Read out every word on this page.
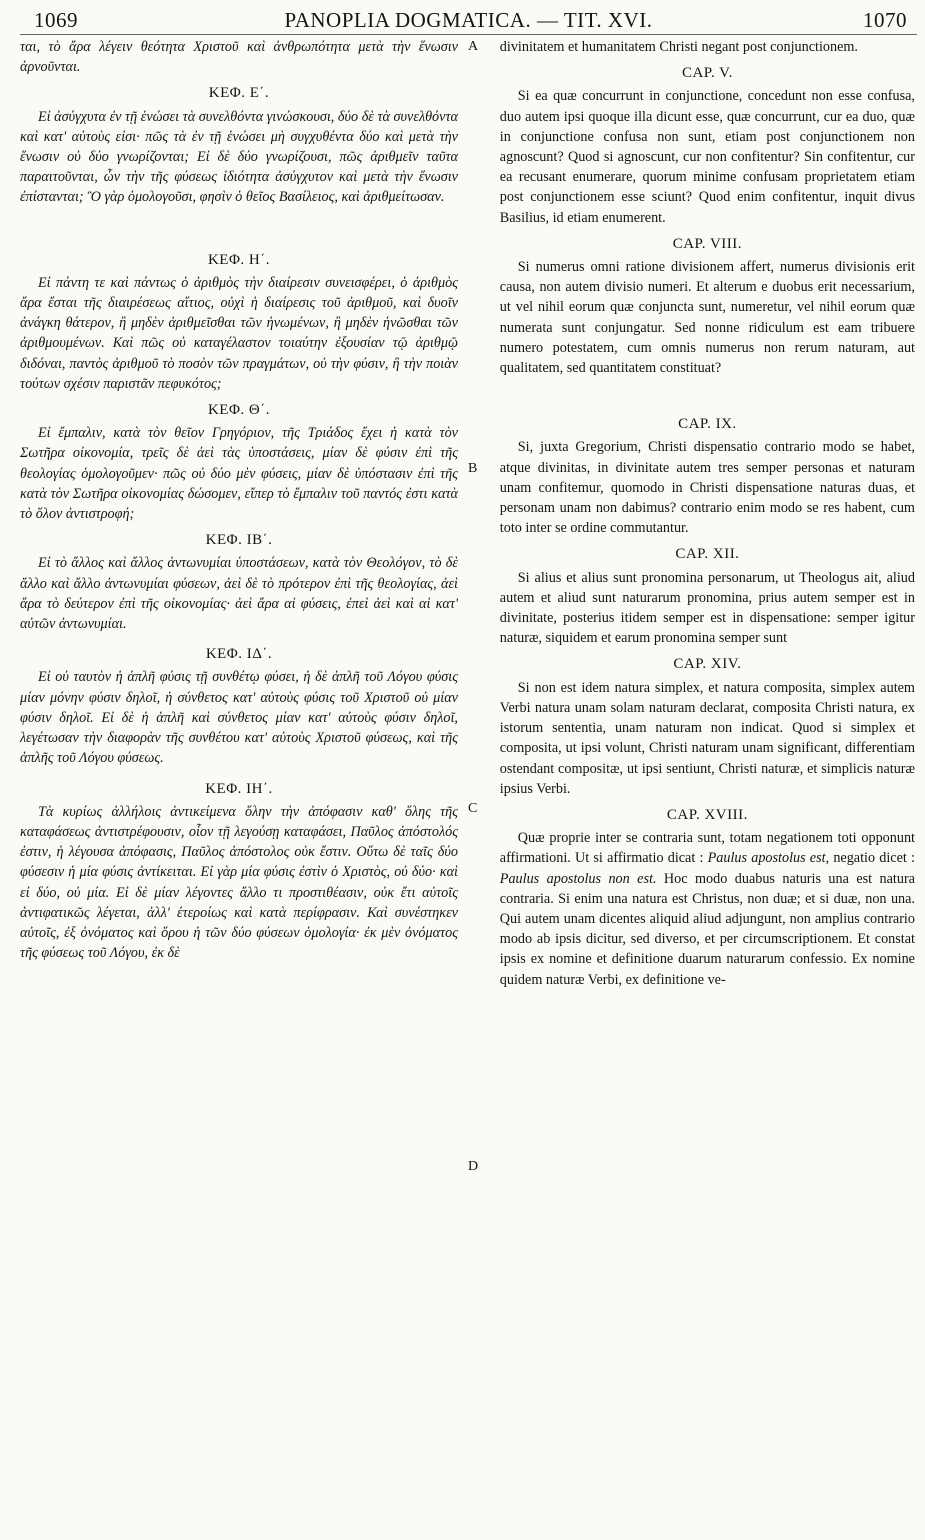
1069	PANOPLIA DOGMATICA. — TIT. XVI.	1070

ται, τὸ ἄρα λέγειν θεότητα Χριστοῦ καὶ ἀνθρωπότητα μετὰ τὴν ἕνωσιν ἀρνοῦνται.

ΚΕΦ. Ε΄.

Εἰ ἀσύγχυτα ἐν τῇ ἑνώσει τὰ συνελθόντα γινώσκουσι, δύο δὲ τὰ συνελθόντα καὶ κατ' αὐτοὺς εἰσι· πῶς τὰ ἐν τῇ ἑνώσει μὴ συγχυθέντα δύο καὶ μετὰ τὴν ἕνωσιν οὐ δύο γνωρίζονται; Εἰ δὲ δύο γνωρίζουσι, πῶς ἀριθμεῖν ταῦτα παραιτοῦνται, ὧν τὴν τῆς φύσεως ἰδιότητα ἀσύγχυτον καὶ μετὰ τὴν ἕνωσιν ἐπίστανται; Ὃ γὰρ ὁμολογοῦσι, φησὶν ὁ θεῖος Βασίλειος, καὶ ἀριθμείτωσαν.

ΚΕΦ. Η΄.

Εἰ πάντη τε καὶ πάντως ὁ ἀριθμὸς τὴν διαίρεσιν συνεισφέρει, ὁ ἀριθμὸς ἄρα ἔσται τῆς διαιρέσεως αἴτιος, οὐχὶ ἡ διαίρεσις τοῦ ἀριθμοῦ, καὶ δυοῖν ἀνάγκη θάτερον, ἢ μηδὲν ἀριθμεῖσθαι τῶν ἡνωμένων, ἢ μηδὲν ἡνῶσθαι τῶν ἀριθμουμένων. Καὶ πῶς οὐ καταγέλαστον τοιαύτην ἐξουσίαν τῷ ἀριθμῷ διδόναι, παντὸς ἀριθμοῦ τὸ ποσὸν τῶν πραγμάτων, οὐ τὴν φύσιν, ἢ τὴν ποιὰν τούτων σχέσιν παριστᾶν πεφυκότος;

ΚΕΦ. Θ΄.

Εἰ ἔμπαλιν, κατὰ τὸν θεῖον Γρηγόριον, τῆς Τριάδος ἔχει ἡ κατὰ τὸν Σωτῆρα οἰκονομία, τρεῖς δὲ ἀεὶ τὰς ὑποστάσεις, μίαν δὲ φύσιν ἐπὶ τῆς θεολογίας ὁμολογοῦμεν· πῶς οὐ δύο μὲν φύσεις, μίαν δὲ ὑπόστασιν ἐπὶ τῆς κατὰ τὸν Σωτῆρα οἰκονομίας δώσομεν, εἴπερ τὸ ἔμπαλιν τοῦ παντός ἐστι κατὰ τὸ ὅλον ἀντιστροφή;

ΚΕΦ. ΙΒ΄.

Εἰ τὸ ἄλλος καὶ ἄλλος ἀντωνυμίαι ὑποστάσεων, κατὰ τὸν Θεολόγον, τὸ δὲ ἄλλο καὶ ἄλλο ἀντωνυμίαι φύσεων, ἀεὶ δὲ τὸ πρότερον ἐπὶ τῆς θεολογίας, ἀεὶ ἄρα τὸ δεύτερον ἐπὶ τῆς οἰκονομίας· ἀεὶ ἄρα αἱ φύσεις, ἐπεὶ ἀεὶ καὶ αἱ κατ' αὐτῶν ἀντωνυμίαι.

ΚΕΦ. ΙΔ΄.

Εἰ οὐ ταυτὸν ἡ ἁπλῆ φύσις τῇ συνθέτῳ φύσει, ἡ δὲ ἁπλῆ τοῦ Λόγου φύσις μίαν μόνην φύσιν δηλοῖ, ἡ σύνθετος κατ' αὐτοὺς φύσις τοῦ Χριστοῦ οὐ μίαν φύσιν δηλοῖ. Εἰ δὲ ἡ ἁπλῆ καὶ σύνθετος μίαν κατ' αὐτοὺς φύσιν δηλοῖ, λεγέτωσαν τὴν διαφορὰν τῆς συνθέτου κατ' αὐτοὺς Χριστοῦ φύσεως, καὶ τῆς ἁπλῆς τοῦ Λόγου φύσεως.

ΚΕΦ. ΙΗ΄.

Τὰ κυρίως ἀλλήλοις ἀντικείμενα ὅλην τὴν ἀπόφασιν καθ' ὅλης τῆς καταφάσεως ἀντιστρέφουσιν, οἷον τῇ λεγούσῃ καταφάσει, Παῦλος ἀπόστολός ἐστιν, ἡ λέγουσα ἀπόφασις, Παῦλος ἀπόστολος οὐκ ἔστιν. Οὕτω δὲ ταῖς δύο φύσεσιν ἡ μία φύσις ἀντίκειται. Εἰ γὰρ μία φύσις ἐστὶν ὁ Χριστὸς, οὐ δύο· καὶ εἰ δύο, οὐ μία. Εἰ δὲ μίαν λέγοντες ἄλλο τι προστιθέασιν, οὐκ ἔτι αὐτοῖς ἀντιφατικῶς λέγεται, ἀλλ' ἑτεροίως καὶ κατὰ περίφρασιν. Καὶ συνέστηκεν αὐτοῖς, ἐξ ὀνόματος καὶ ὅρου ἡ τῶν δύο φύσεων ὁμολογία· ἐκ μὲν ὀνόματος τῆς φύσεως τοῦ Λόγου, ἐκ δὲ

A
B
C
D

divinitatem et humanitatem Christi negant post conjunctionem.

CAP. V.

Si ea quæ concurrunt in conjunctione, concedunt non esse confusa, duo autem ipsi quoque illa dicunt esse, quæ concurrunt, cur ea duo, quæ in conjunctione confusa non sunt, etiam post conjunctionem non agnoscunt? Quod si agnoscunt, cur non confitentur? Sin confitentur, cur ea recusant enumerare, quorum minime confusam proprietatem etiam post conjunctionem esse sciunt? Quod enim confitentur, inquit divus Basilius, id etiam enumerent.

CAP. VIII.

Si numerus omni ratione divisionem affert, numerus divisionis erit causa, non autem divisio numeri. Et alterum e duobus erit necessarium, ut vel nihil eorum quæ conjuncta sunt, numeretur, vel nihil eorum quæ numerata sunt conjungatur. Sed nonne ridiculum est eam tribuere numero potestatem, cum omnis numerus non rerum naturam, aut qualitatem, sed quantitatem constituat?

CAP. IX.

Si, juxta Gregorium, Christi dispensatio contrario modo se habet, atque divinitas, in divinitate autem tres semper personas et naturam unam confitemur, quomodo in Christi dispensatione naturas duas, et personam unam non dabimus? contrario enim modo se res habent, cum toto inter se ordine commutantur.

CAP. XII.

Si alius et alius sunt pronomina personarum, ut Theologus ait, aliud autem et aliud sunt naturarum pronomina, prius autem semper est in divinitate, posterius itidem semper est in dispensatione: semper igitur naturæ, siquidem et earum pronomina semper sunt

CAP. XIV.

Si non est idem natura simplex, et natura composita, simplex autem Verbi natura unam solam naturam declarat, composita Christi natura, ex istorum sententia, unam naturam non indicat. Quod si simplex et composita, ut ipsi volunt, Christi naturam unam significant, differentiam ostendant compositæ, ut ipsi sentiunt, Christi naturæ, et simplicis naturæ ipsius Verbi.

CAP. XVIII.

Quæ proprie inter se contraria sunt, totam negationem toti opponunt affirmationi. Ut si affirmatio dicat : Paulus apostolus est, negatio dicet : Paulus apostolus non est. Hoc modo duabus naturis una est natura contraria. Si enim una natura est Christus, non duæ; et si duæ, non una. Qui autem unam dicentes aliquid aliud adjungunt, non amplius contrario modo ab ipsis dicitur, sed diverso, et per circumscriptionem. Et constat ipsis ex nomine et definitione duarum naturarum confessio. Ex nomine quidem naturæ Verbi, ex definitione ve-
